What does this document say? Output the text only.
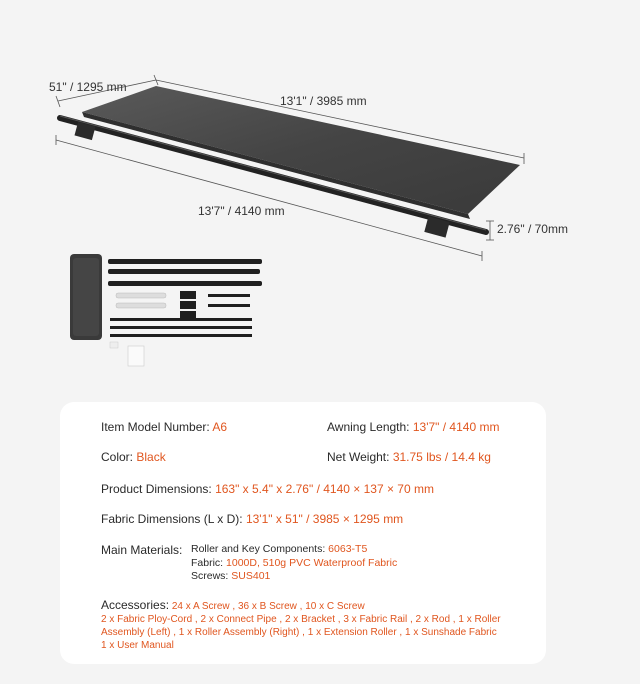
51" / 1295 mm
13'1" / 3985 mm
13'7" / 4140 mm
2.76" / 70mm
Item Model Number: A6	Awning Length: 13'7" / 4140 mm
Color: Black	Net Weight: 31.75 lbs / 14.4 kg
Product Dimensions: 163" x 5.4" x 2.76" / 4140 × 137 × 70 mm
Fabric Dimensions (L x D): 13'1" x 51" / 3985 × 1295 mm
Main Materials: Roller and Key Components: 6063-T5
Fabric: 1000D, 510g PVC Waterproof Fabric
Screws: SUS401
Accessories: 24 x A Screw , 36 x B Screw , 10 x C Screw
2 x Fabric Ploy-Cord , 2 x Connect Pipe , 2 x Bracket , 3 x Fabric Rail , 2 x Rod , 1 x Roller
Assembly (Left) , 1 x Roller Assembly (Right) , 1 x Extension Roller , 1 x Sunshade Fabric
1 x User Manual
